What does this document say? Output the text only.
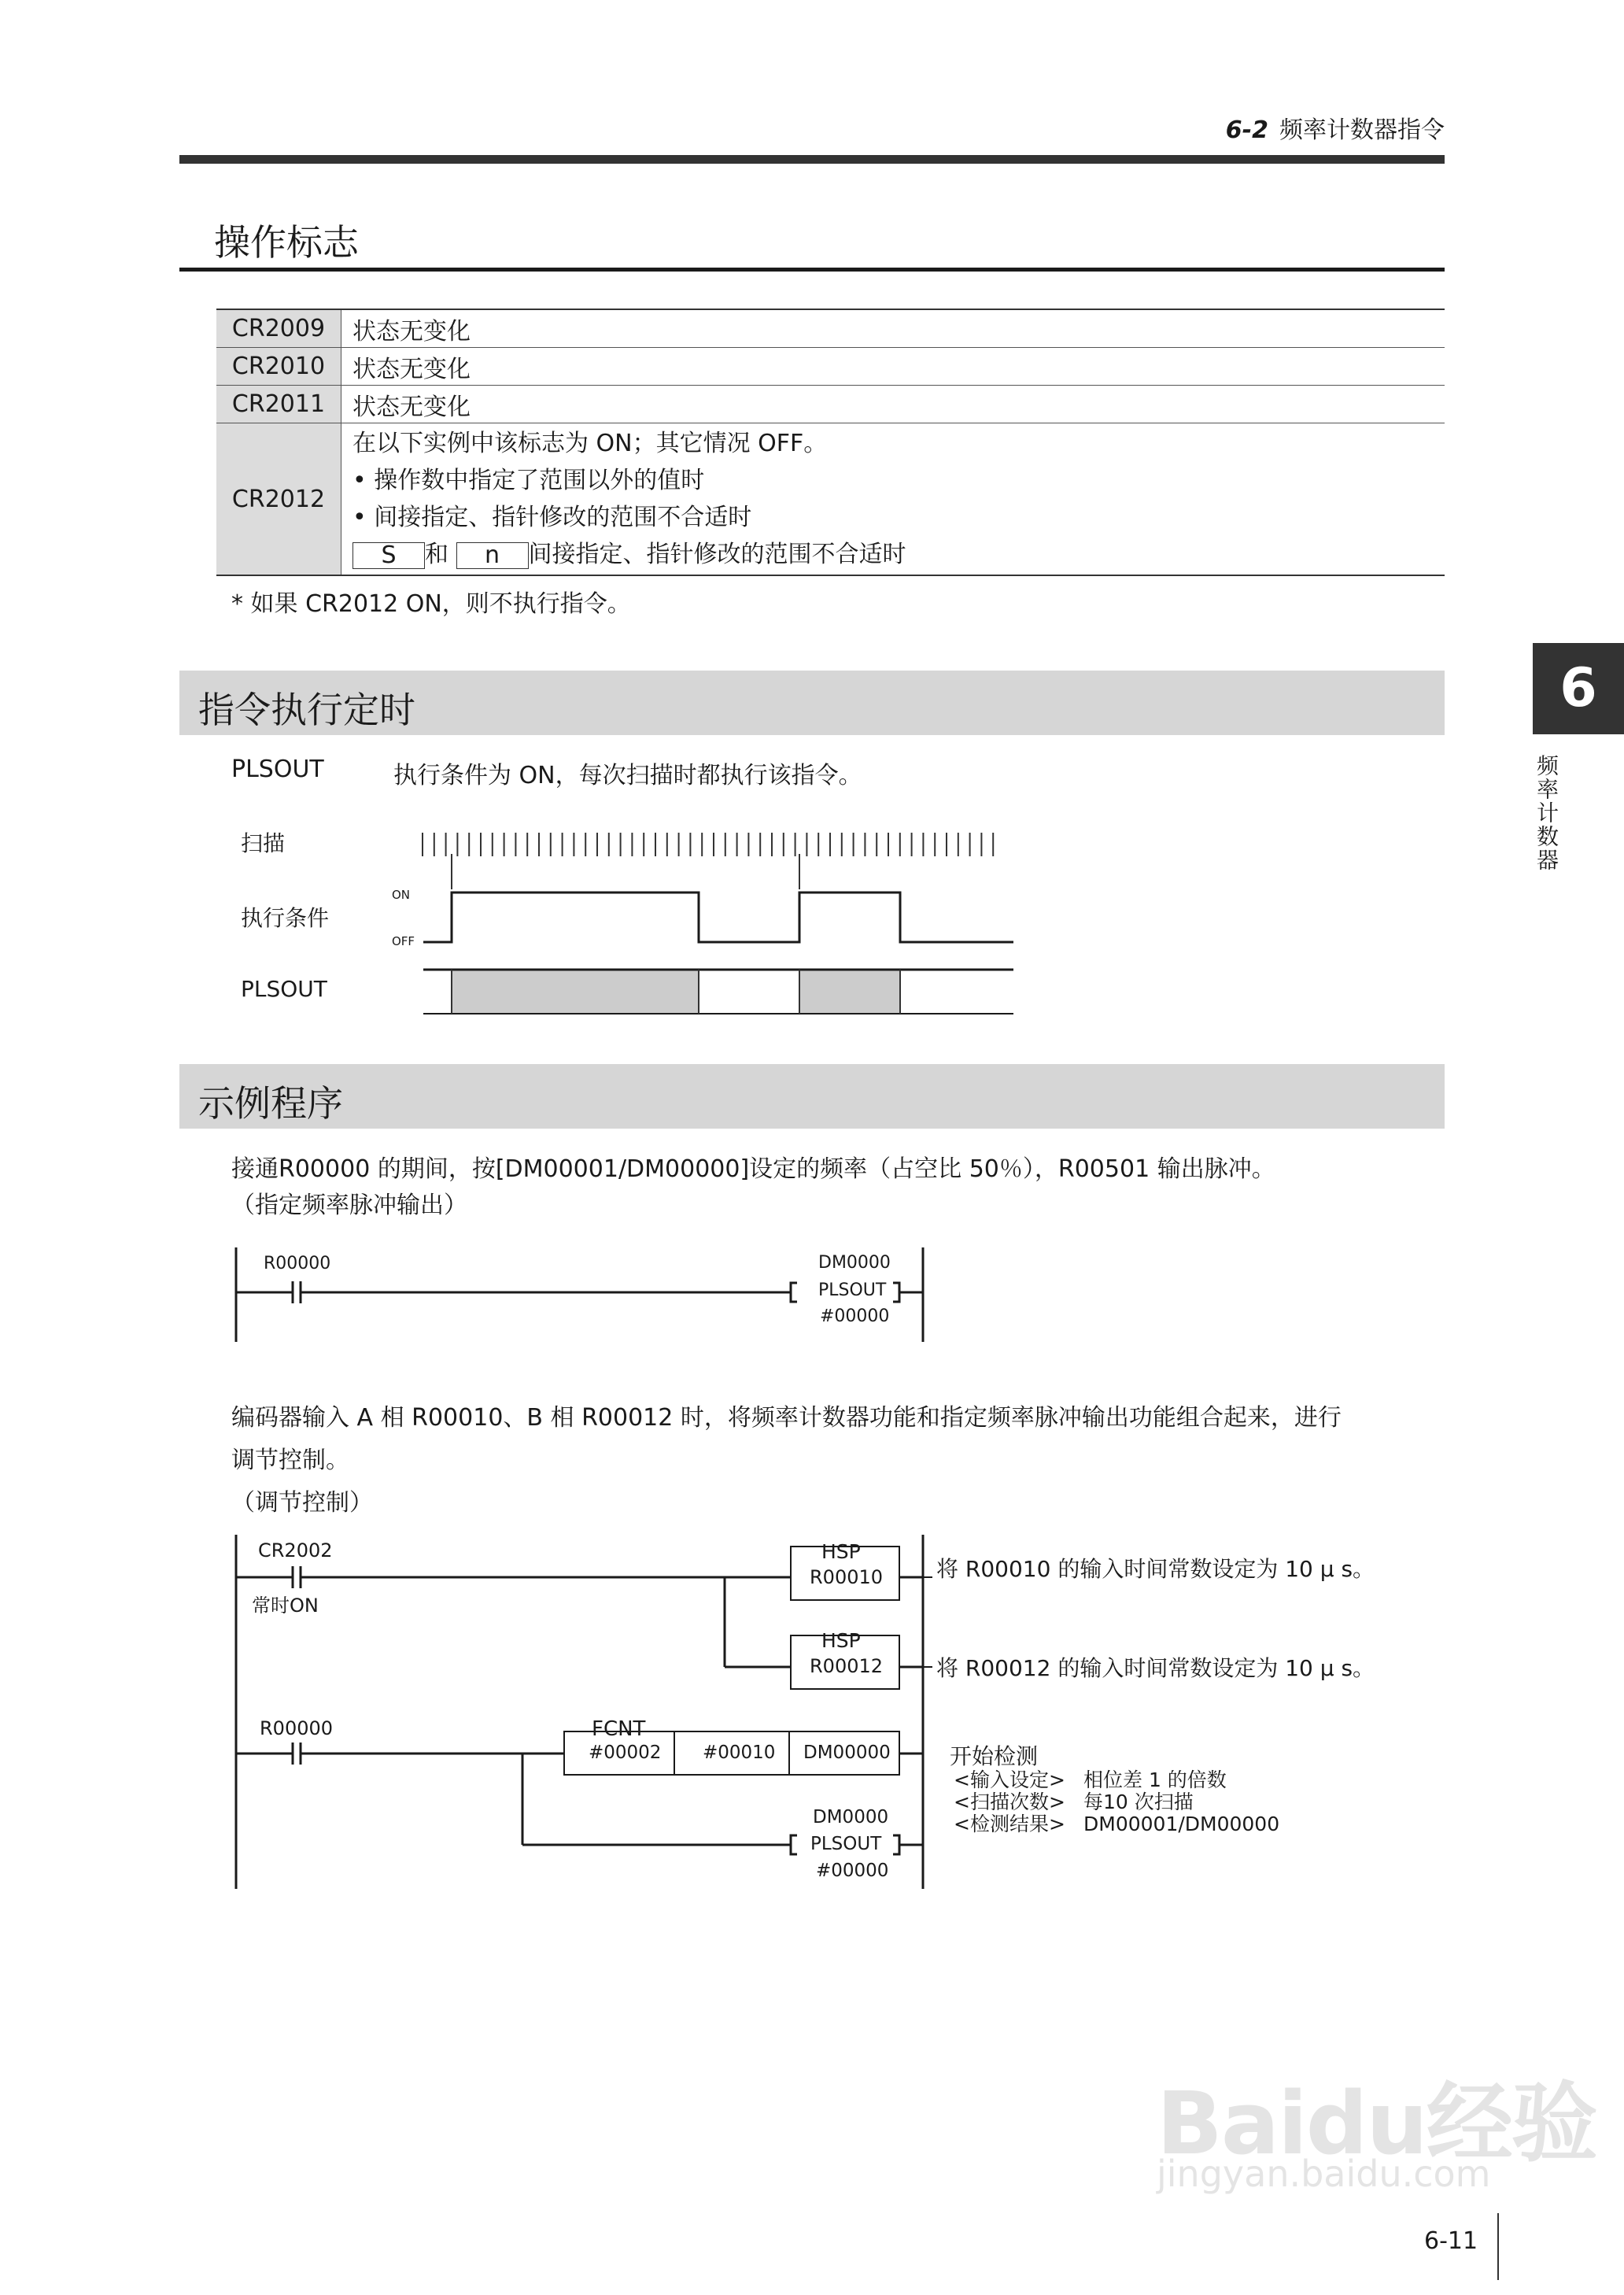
6-2 频率计数器指令
6
频率计数器
操作标志
CR2009	状态无变化
CR2010	状态无变化
CR2011	状态无变化
CR2012	在以下实例中该标志为 ON；其它情况 OFF。
• 操作数中指定了范围以外的值时
• 间接指定、指针修改的范围不合适时
S 和 n 间接指定、指针修改的范围不合适时
* 如果 CR2012 ON，则不执行指令。
指令执行定时
PLSOUT	执行条件为 ON，每次扫描时都执行该指令。
扫描
执行条件
PLSOUT
ON
OFF
示例程序
接通R00000 的期间，按[DM00001/DM00000]设定的频率（占空比 50％），R00501 输出脉冲。
（指定频率脉冲输出）
R00000	DM0000
PLSOUT
#00000
编码器输入 A 相 R00010、B 相 R00012 时，将频率计数器功能和指定频率脉冲输出功能组合起来，进行
调节控制。
（调节控制）
CR2002
常时ON
HSP
R00010 将 R00010 的输入时间常数设定为 10 μ s。
HSP
R00012 将 R00012 的输入时间常数设定为 10 μ s。
R00000	FCNT
#00002 #00010 DM00000
DM0000
PLSOUT
#00000
开始检测
<输入设定> 相位差 1 的倍数
<扫描次数> 每10 次扫描
<检测结果> DM00001/DM00000
Baidu经验
jingyan.baidu.com
6-11
